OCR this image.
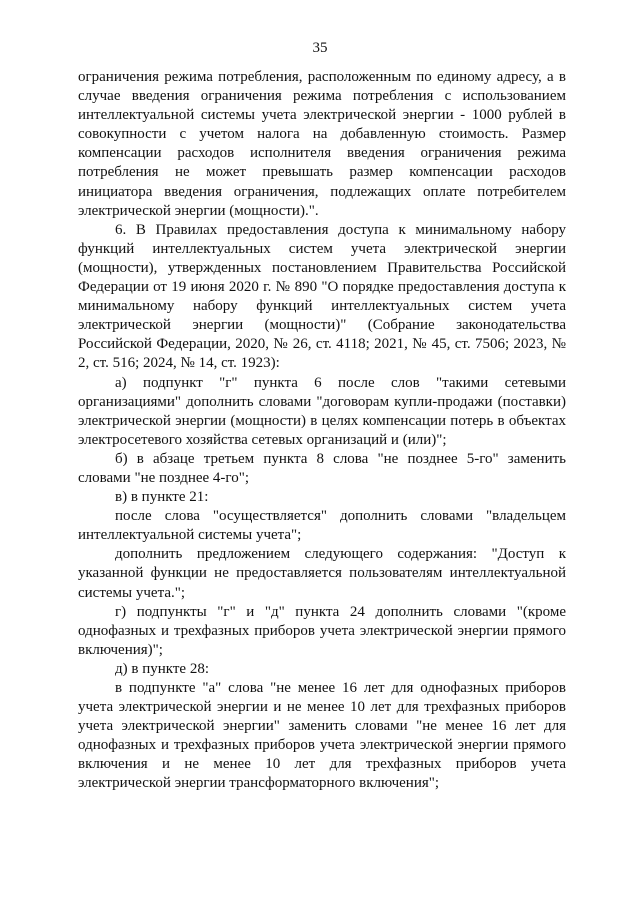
35

ограничения режима потребления, расположенным по единому адресу, а в случае введения ограничения режима потребления с использованием интеллектуальной системы учета электрической энергии - 1000 рублей в совокупности с учетом налога на добавленную стоимость. Размер компенсации расходов исполнителя введения ограничения режима потребления не может превышать размер компенсации расходов инициатора введения ограничения, подлежащих оплате потребителем электрической энергии (мощности).".

6. В Правилах предоставления доступа к минимальному набору функций интеллектуальных систем учета электрической энергии (мощности), утвержденных постановлением Правительства Российской Федерации от 19 июня 2020 г. № 890 "О порядке предоставления доступа к минимальному набору функций интеллектуальных систем учета электрической энергии (мощности)" (Собрание законодательства Российской Федерации, 2020, № 26, ст. 4118; 2021, № 45, ст. 7506; 2023, № 2, ст. 516; 2024, № 14, ст. 1923):

а) подпункт "г" пункта 6 после слов "такими сетевыми организациями" дополнить словами "договорам купли-продажи (поставки) электрической энергии (мощности) в целях компенсации потерь в объектах электросетевого хозяйства сетевых организаций и (или)";

б) в абзаце третьем пункта 8 слова "не позднее 5-го" заменить словами "не позднее 4-го";

в) в пункте 21:

после слова "осуществляется" дополнить словами "владельцем интеллектуальной системы учета";

дополнить предложением следующего содержания: "Доступ к указанной функции не предоставляется пользователям интеллектуальной системы учета.";

г) подпункты "г" и "д" пункта 24 дополнить словами "(кроме однофазных и трехфазных приборов учета электрической энергии прямого включения)";

д) в пункте 28:

в подпункте "а" слова "не менее 16 лет для однофазных приборов учета электрической энергии и не менее 10 лет для трехфазных приборов учета электрической энергии" заменить словами "не менее 16 лет для однофазных и трехфазных приборов учета электрической энергии прямого включения и не менее 10 лет для трехфазных приборов учета электрической энергии трансформаторного включения";
